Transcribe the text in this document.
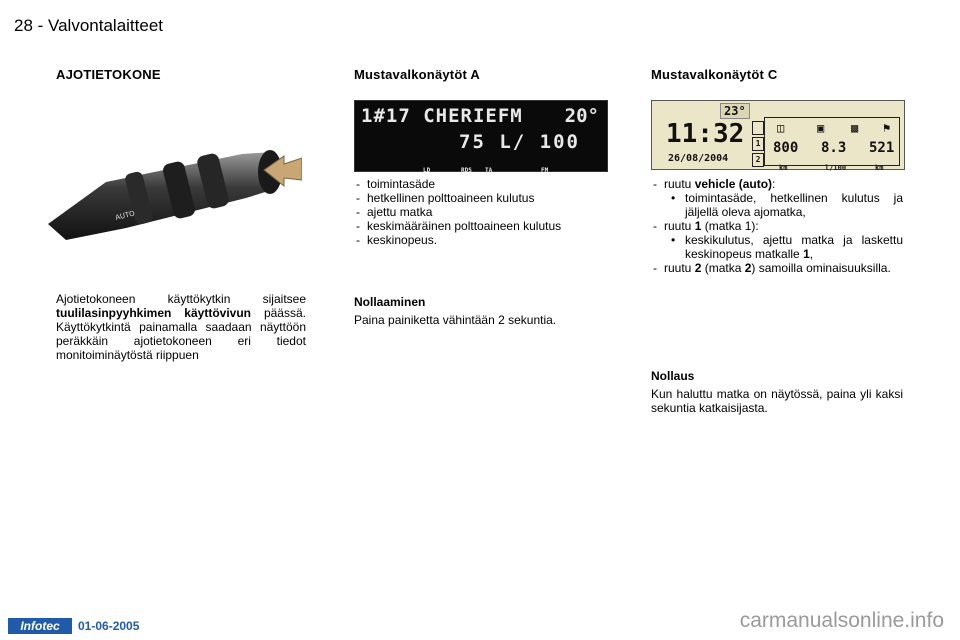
28 - Valvontalaitteet
AJOTIETOKONE
AUTO
Ajotietokoneen käyttökytkin sijaitsee tuulilasinpyyhkimen käyttövivun päässä. Käyttökytkintä painamalla saadaan näyttöön peräkkäin ajotietokoneen eri tiedot monitoiminäytöstä riippuen
Mustavalkonäytöt A
1#17 CHERIEFM 20°
75 L/ 100
LD	RDS TA	FM
- toimintasäde
- hetkellinen polttoaineen kulutus
- ajettu matka
- keskimääräinen polttoaineen kulutus
- keskinopeus.
Nollaaminen
Paina painiketta vähintään 2 sekuntia.
Mustavalkonäytöt C
23°
11:32
26/08/2004
1
2
◫	▣ ▩ ⚑
800 8.3 521
km	l/100	km
- ruutu vehicle (auto):
• toimintasäde, hetkellinen kulutus ja jäljellä oleva ajomatka,
- ruutu 1 (matka 1):
• keskikulutus, ajettu matka ja laskettu keskinopeus matkalle 1,
- ruutu 2 (matka 2) samoilla ominaisuuksilla.
Nollaus
Kun haluttu matka on näytössä, paina yli kaksi sekuntia katkaisijasta.
Infotec	01-06-2005	carmanualsonline.info
